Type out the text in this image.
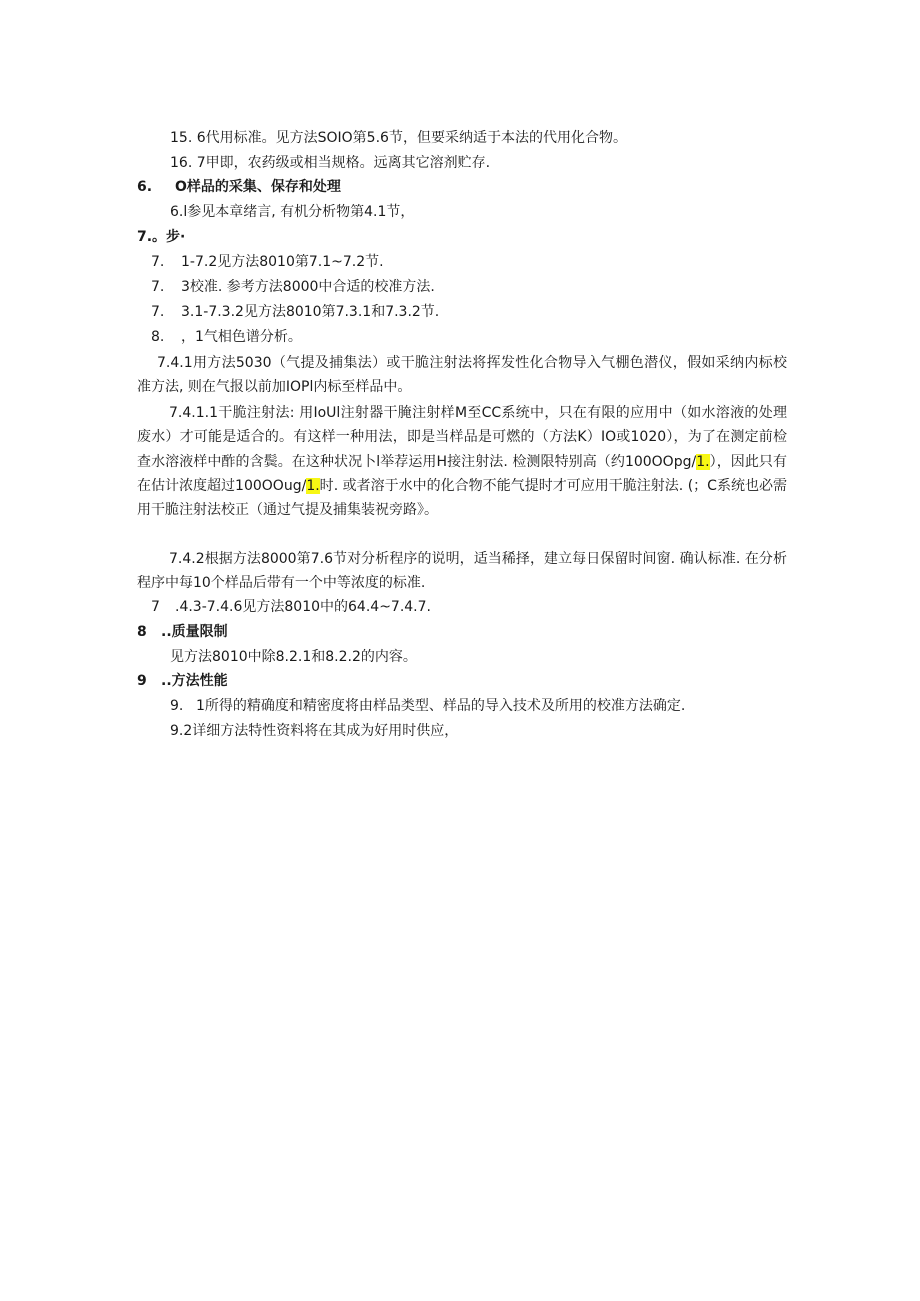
15. 6代用标准。见方法SOIO第5.6节，但要采纳适于本法的代用化合物。
16. 7甲即，农药级或相当规格。远离其它溶剂贮存.
6. O样品的采集、保存和处理
6.l参见本章绪言, 有机分析物第4.1节，
7.。步·
7. 1-7.2见方法8010第7.1~7.2节.
7. 3校准. 参考方法8000中合适的校准方法.
7. 3.1-7.3.2见方法8010第7.3.1和7.3.2节.
8. ，1气相色谱分析。
7.4.1用方法5030（气提及捕集法）或干脆注射法将挥发性化合物导入气棚色潜仪，假如采纳内标校准方法, 则在气报以前加IOPl内标至样品中。
7.4.1.1干脆注射法: 用IoUl注射器干腌注射样M至CC系统中，只在有限的应用中（如水溶液的处理废水）才可能是适合的。有这样一种用法，即是当样品是可燃的（方法K）IO或1020），为了在测定前检查水溶液样中酢的含鬓。在这种状况卜l举荐运用H接注射法. 检测限特别高（约100OOpg/1.），因此只有在估计浓度超过100OOug/1.时. 或者溶于水中的化合物不能气提时才可应用干脆注射法. (；C系统也必需用干脆注射法校正（通过气提及捕集装祝旁路》。
7.4.2根据方法8000第7.6节对分析程序的说明，适当稀择，建立每日保留时间窗. 确认标准. 在分析程序中每10个样品后带有一个中等浓度的标准.
7 .4.3-7.4.6见方法8010中的64.4~7.4.7.
8 ..质量限制
见方法8010中除8.2.1和8.2.2的内容。
9 ..方法性能
9. 1所得的精确度和精密度将由样品类型、样品的导入技术及所用的校准方法确定.
9.2详细方法特性资料将在其成为好用时供应，
